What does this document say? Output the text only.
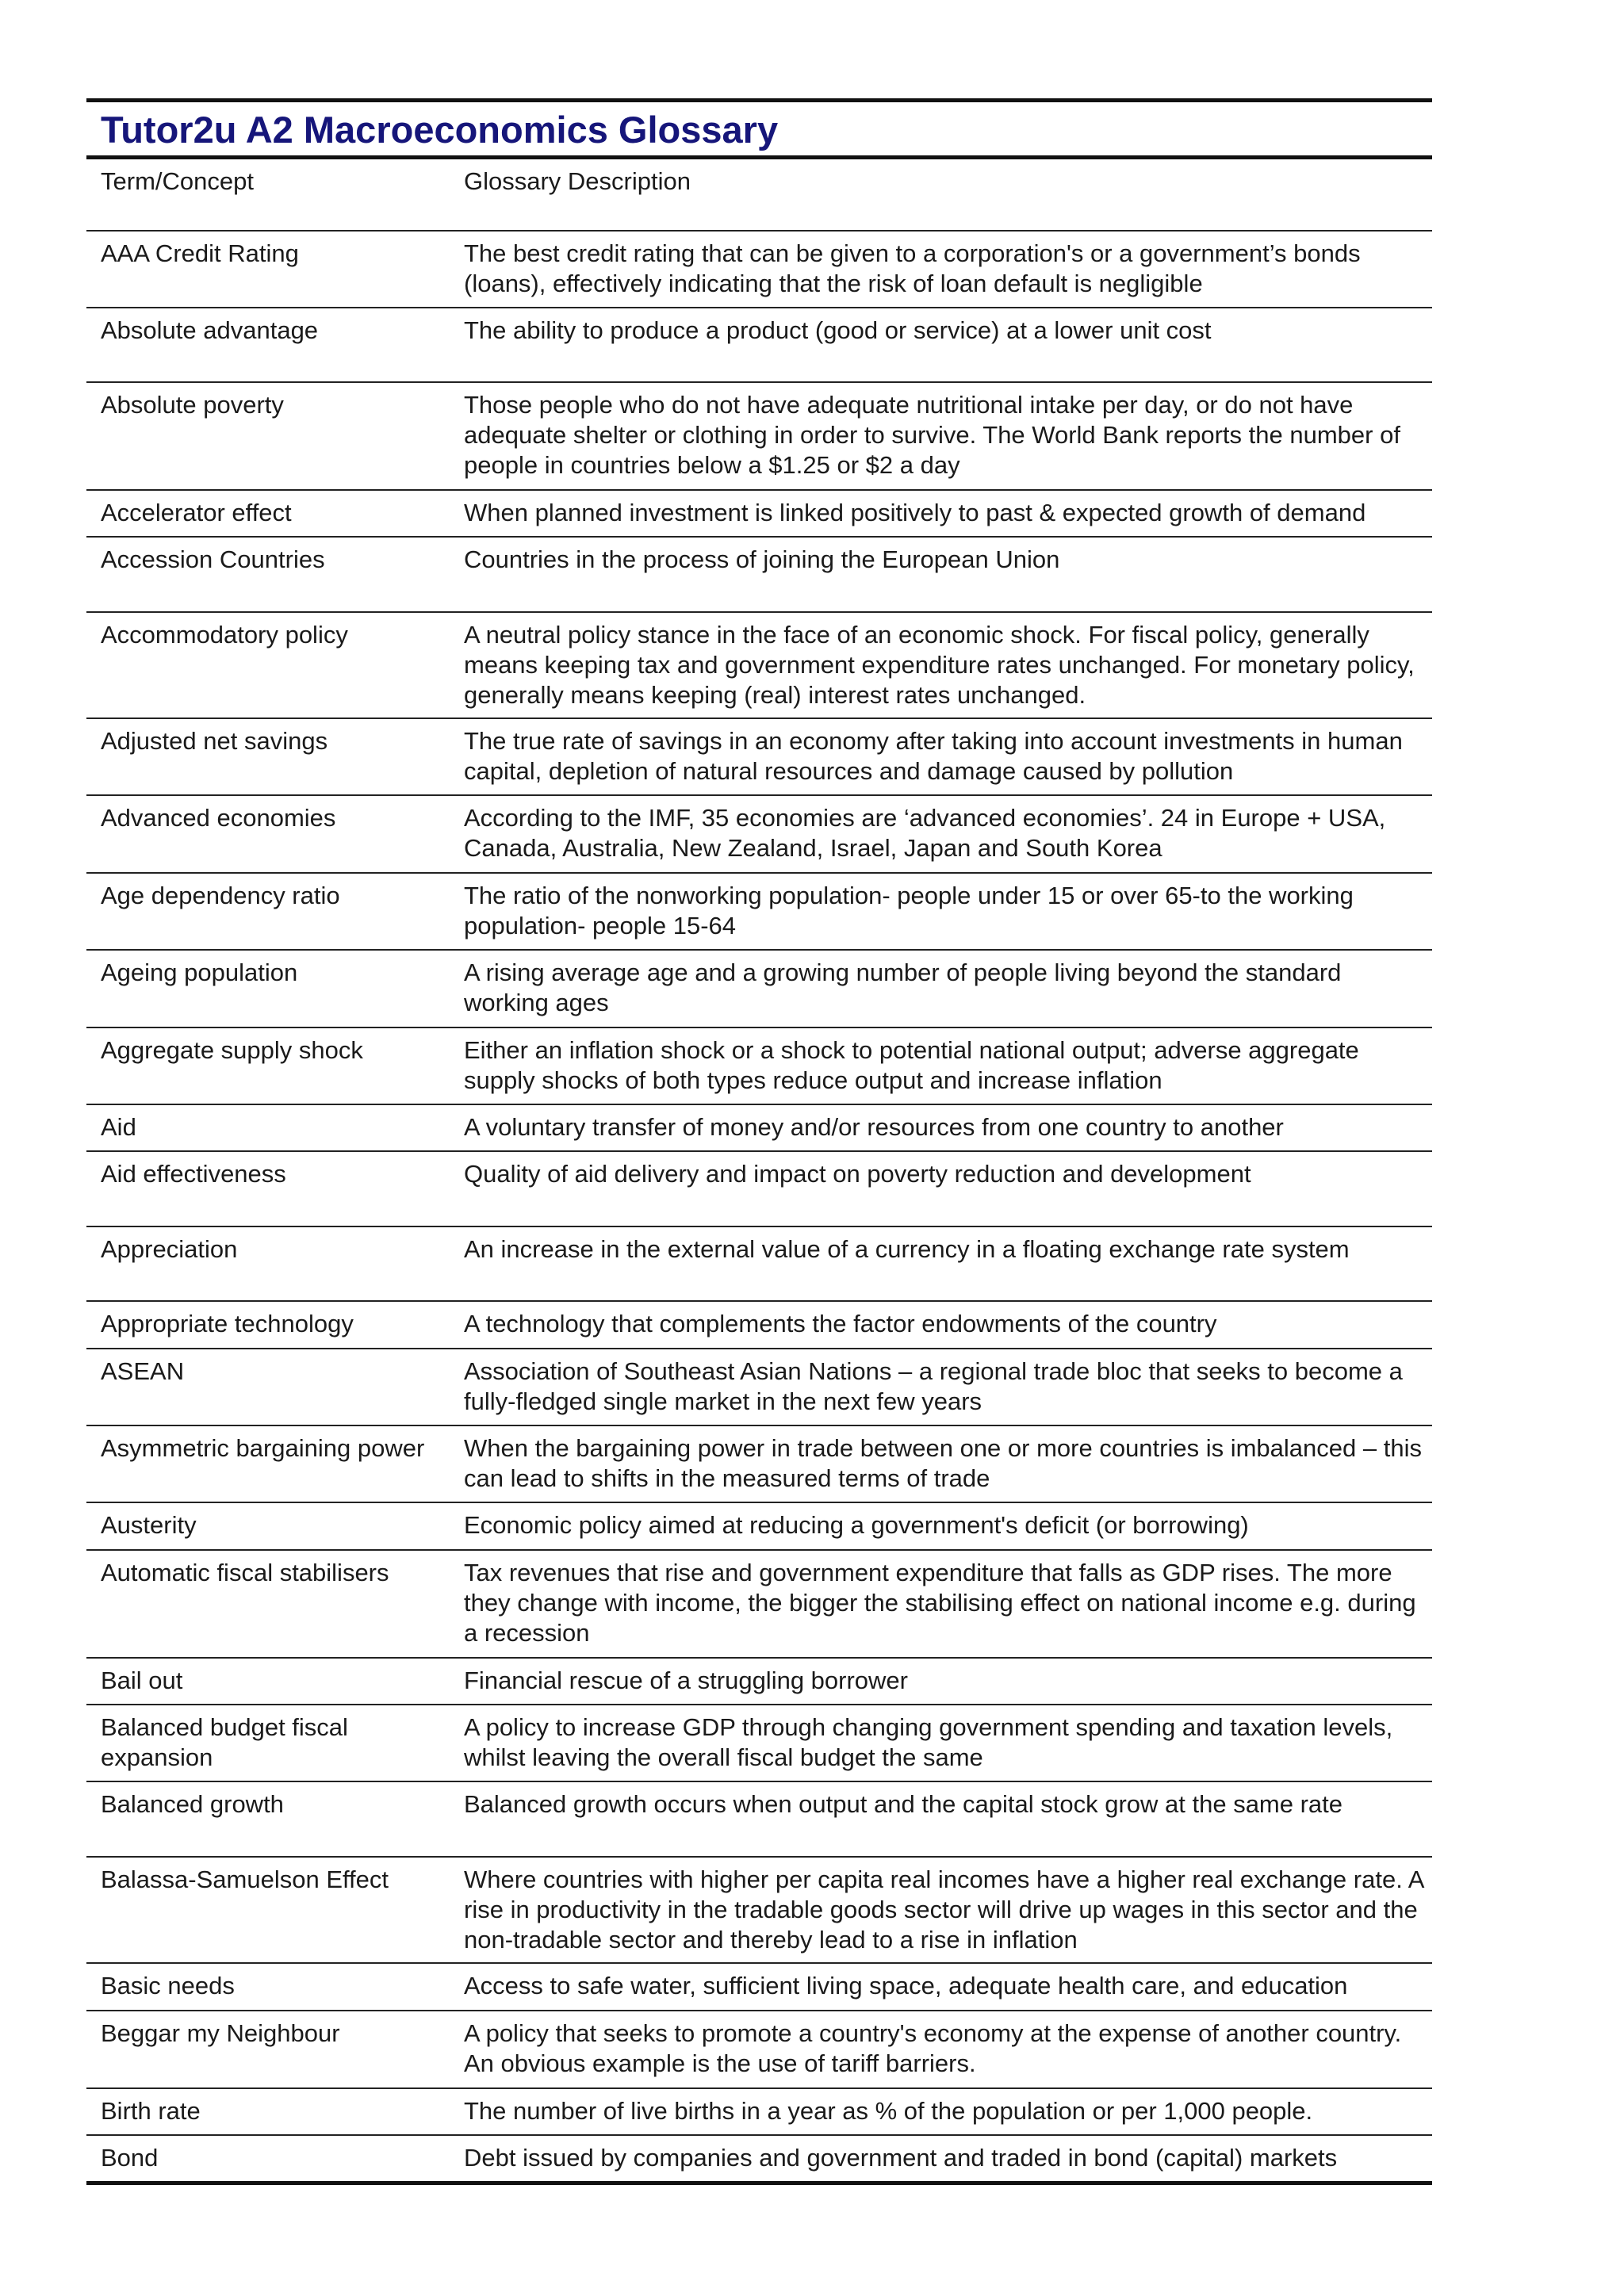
Tutor2u A2 Macroeconomics Glossary
Term/Concept	Glossary Description
AAA Credit Rating	The best credit rating that can be given to a corporation's or a government’s bonds (loans), effectively indicating that the risk of loan default is negligible
Absolute advantage	The ability to produce a product (good or service) at a lower unit cost
Absolute poverty	Those people who do not have adequate nutritional intake per day, or do not have adequate shelter or clothing in order to survive. The World Bank reports the number of people in countries below a $1.25 or $2 a day
Accelerator effect	When planned investment is linked positively to past & expected growth of demand
Accession Countries	Countries in the process of joining the European Union
Accommodatory policy	A neutral policy stance in the face of an economic shock. For fiscal policy, generally means keeping tax and government expenditure rates unchanged. For monetary policy, generally means keeping (real) interest rates unchanged.
Adjusted net savings	The true rate of savings in an economy after taking into account investments in human capital, depletion of natural resources and damage caused by pollution
Advanced economies	According to the IMF, 35 economies are ‘advanced economies’. 24 in Europe + USA, Canada, Australia, New Zealand, Israel, Japan and South Korea
Age dependency ratio	The ratio of the nonworking population- people under 15 or over 65-to the working population- people 15-64
Ageing population	A rising average age and a growing number of people living beyond the standard working ages
Aggregate supply shock	Either an inflation shock or a shock to potential national output; adverse aggregate supply shocks of both types reduce output and increase inflation
Aid	A voluntary transfer of money and/or resources from one country to another
Aid effectiveness	Quality of aid delivery and impact on poverty reduction and development
Appreciation	An increase in the external value of a currency in a floating exchange rate system
Appropriate technology	A technology that complements the factor endowments of the country
ASEAN	Association of Southeast Asian Nations – a regional trade bloc that seeks to become a fully-fledged single market in the next few years
Asymmetric bargaining power	When the bargaining power in trade between one or more countries is imbalanced – this can lead to shifts in the measured terms of trade
Austerity	Economic policy aimed at reducing a government's deficit (or borrowing)
Automatic fiscal stabilisers	Tax revenues that rise and government expenditure that falls as GDP rises. The more they change with income, the bigger the stabilising effect on national income e.g. during a recession
Bail out	Financial rescue of a struggling borrower
Balanced budget fiscal expansion	A policy to increase GDP through changing government spending and taxation levels, whilst leaving the overall fiscal budget the same
Balanced growth	Balanced growth occurs when output and the capital stock grow at the same rate
Balassa-Samuelson Effect	Where countries with higher per capita real incomes have a higher real exchange rate. A rise in productivity in the tradable goods sector will drive up wages in this sector and the non-tradable sector and thereby lead to a rise in inflation
Basic needs	Access to safe water, sufficient living space, adequate health care, and education
Beggar my Neighbour	A policy that seeks to promote a country's economy at the expense of another country. An obvious example is the use of tariff barriers.
Birth rate	The number of live births in a year as % of the population or per 1,000 people.
Bond	Debt issued by companies and government and traded in bond (capital) markets
